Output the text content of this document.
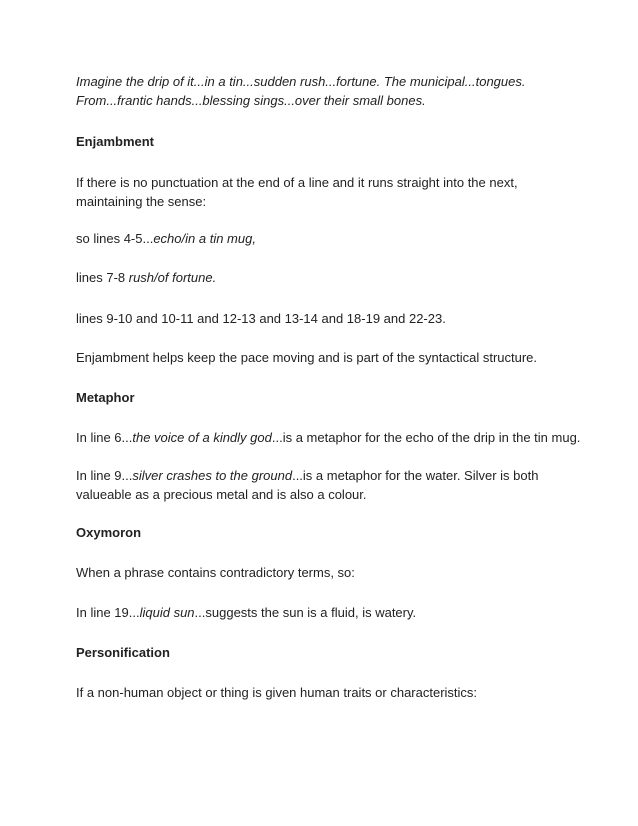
Imagine the drip of it...in a tin...sudden rush...fortune. The municipal...tongues.
From...frantic hands...blessing sings...over their small bones.

Enjambment

If there is no punctuation at the end of a line and it runs straight into the next,
maintaining the sense:

so lines 4-5...echo/in a tin mug,

lines 7-8 rush/of fortune.

lines 9-10 and 10-11 and 12-13 and 13-14 and 18-19 and 22-23.

Enjambment helps keep the pace moving and is part of the syntactical structure.

Metaphor

In line 6...the voice of a kindly god...is a metaphor for the echo of the drip in the tin mug.

In line 9...silver crashes to the ground...is a metaphor for the water. Silver is both
valueable as a precious metal and is also a colour.

Oxymoron

When a phrase contains contradictory terms, so:

In line 19...liquid sun...suggests the sun is a fluid, is watery.

Personification

If a non-human object or thing is given human traits or characteristics:
